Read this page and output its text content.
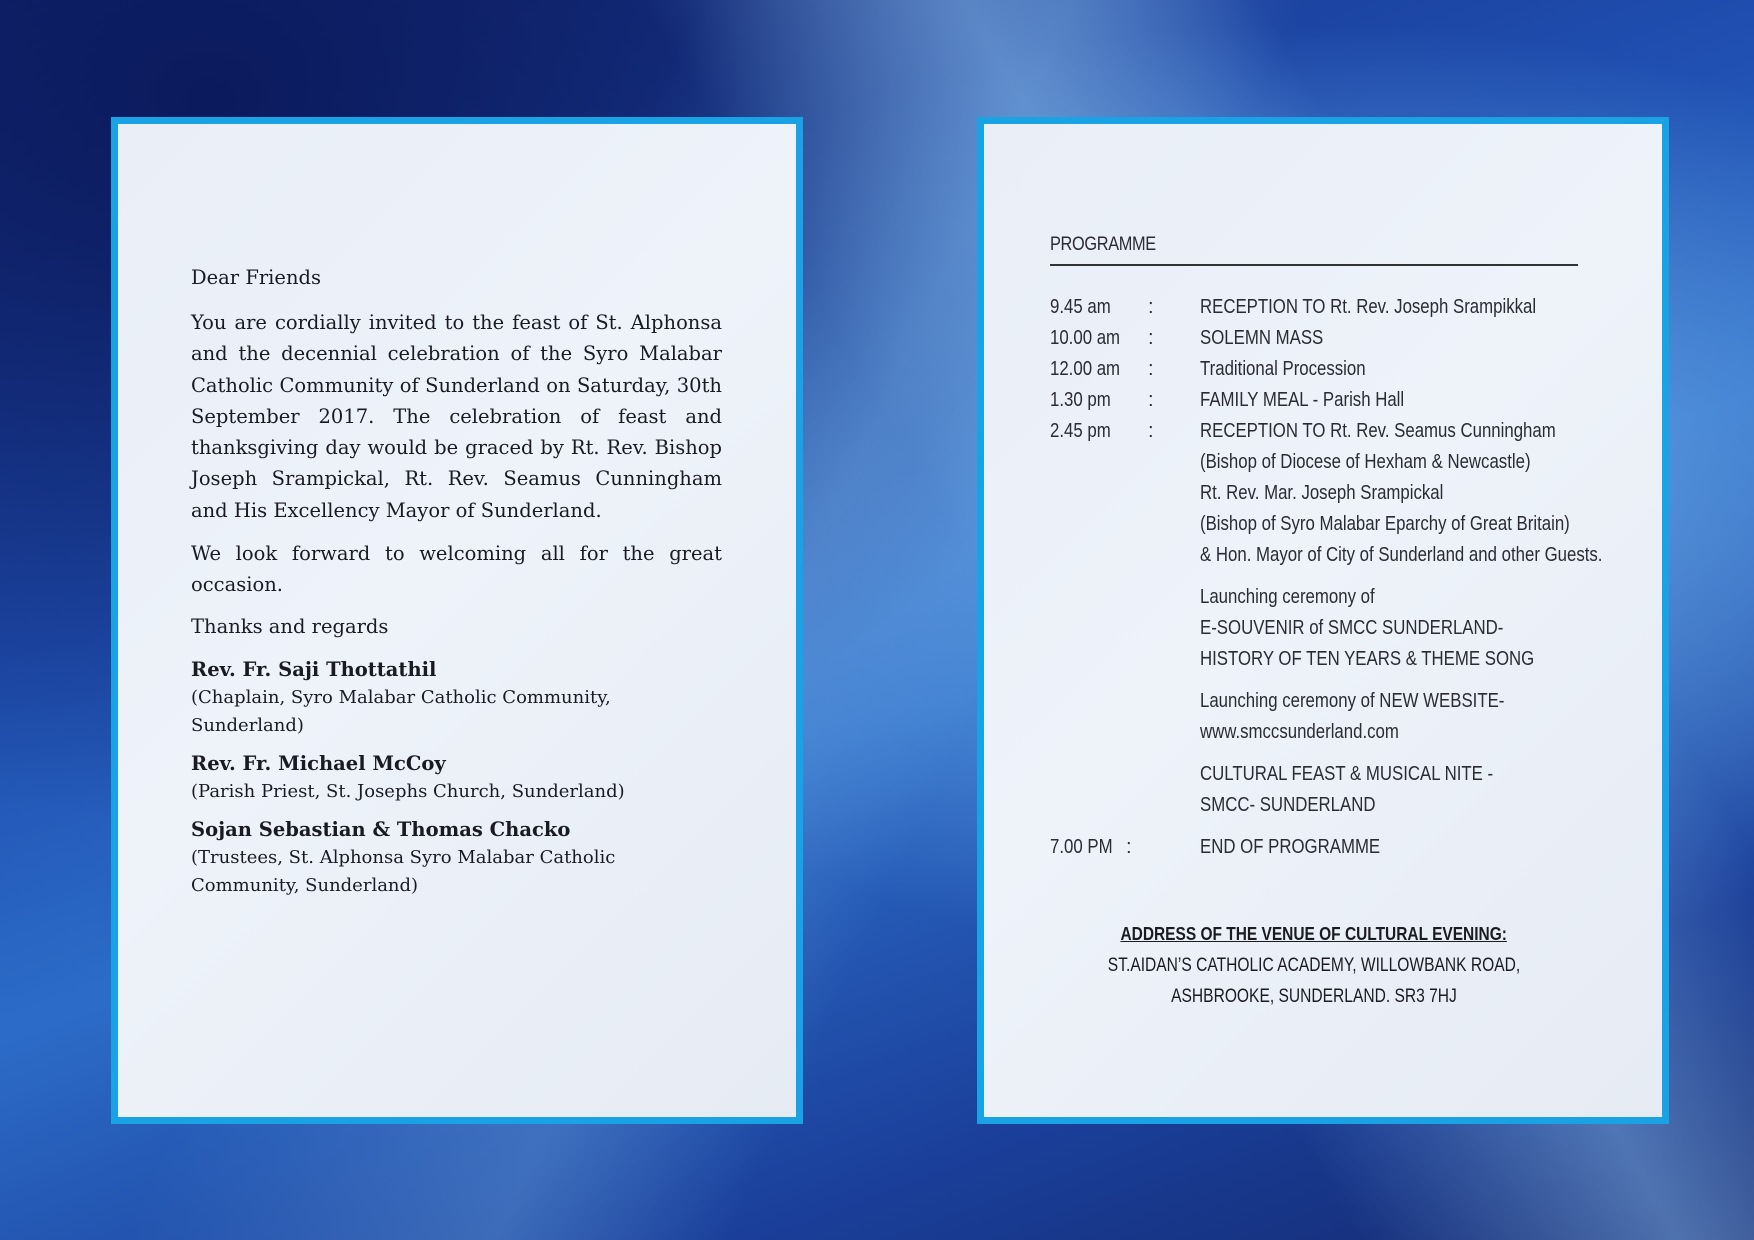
Dear Friends

You are cordially invited to the feast of St. Alphonsa and the decennial celebration of the Syro Malabar Catholic Community of Sunderland on Saturday, 30th September 2017. The celebration of feast and thanksgiving day would be graced by Rt. Rev. Bishop Joseph Srampickal, Rt. Rev. Seamus Cunningham and His Excellency Mayor of Sunderland.

We look forward to welcoming all for the great occasion.

Thanks and regards

Rev. Fr. Saji Thottathil

(Chaplain, Syro Malabar Catholic Community, Sunderland)

Rev. Fr. Michael McCoy

(Parish Priest, St. Josephs Church, Sunderland)

Sojan Sebastian & Thomas Chacko

(Trustees, St. Alphonsa Syro Malabar Catholic Community, Sunderland)

PROGRAMME

9.45 am : RECEPTION TO Rt. Rev. Joseph Srampikkal
10.00 am : SOLEMN MASS
12.00 am : Traditional Procession
1.30 pm : FAMILY MEAL - Parish Hall
2.45 pm : RECEPTION TO Rt. Rev. Seamus Cunningham
(Bishop of Diocese of Hexham & Newcastle)
Rt. Rev. Mar. Joseph Srampickal
(Bishop of Syro Malabar Eparchy of Great Britain)
& Hon. Mayor of City of Sunderland and other Guests.
Launching ceremony of
E-SOUVENIR of SMCC SUNDERLAND-
HISTORY OF TEN YEARS & THEME SONG
Launching ceremony of NEW WEBSITE-
www.smccsunderland.com
CULTURAL FEAST & MUSICAL NITE -
SMCC- SUNDERLAND
7.00 PM :	END OF PROGRAMME
ADDRESS OF THE VENUE OF CULTURAL EVENING:
ST.AIDAN’S CATHOLIC ACADEMY, WILLOWBANK ROAD,
ASHBROOKE, SUNDERLAND. SR3 7HJ
